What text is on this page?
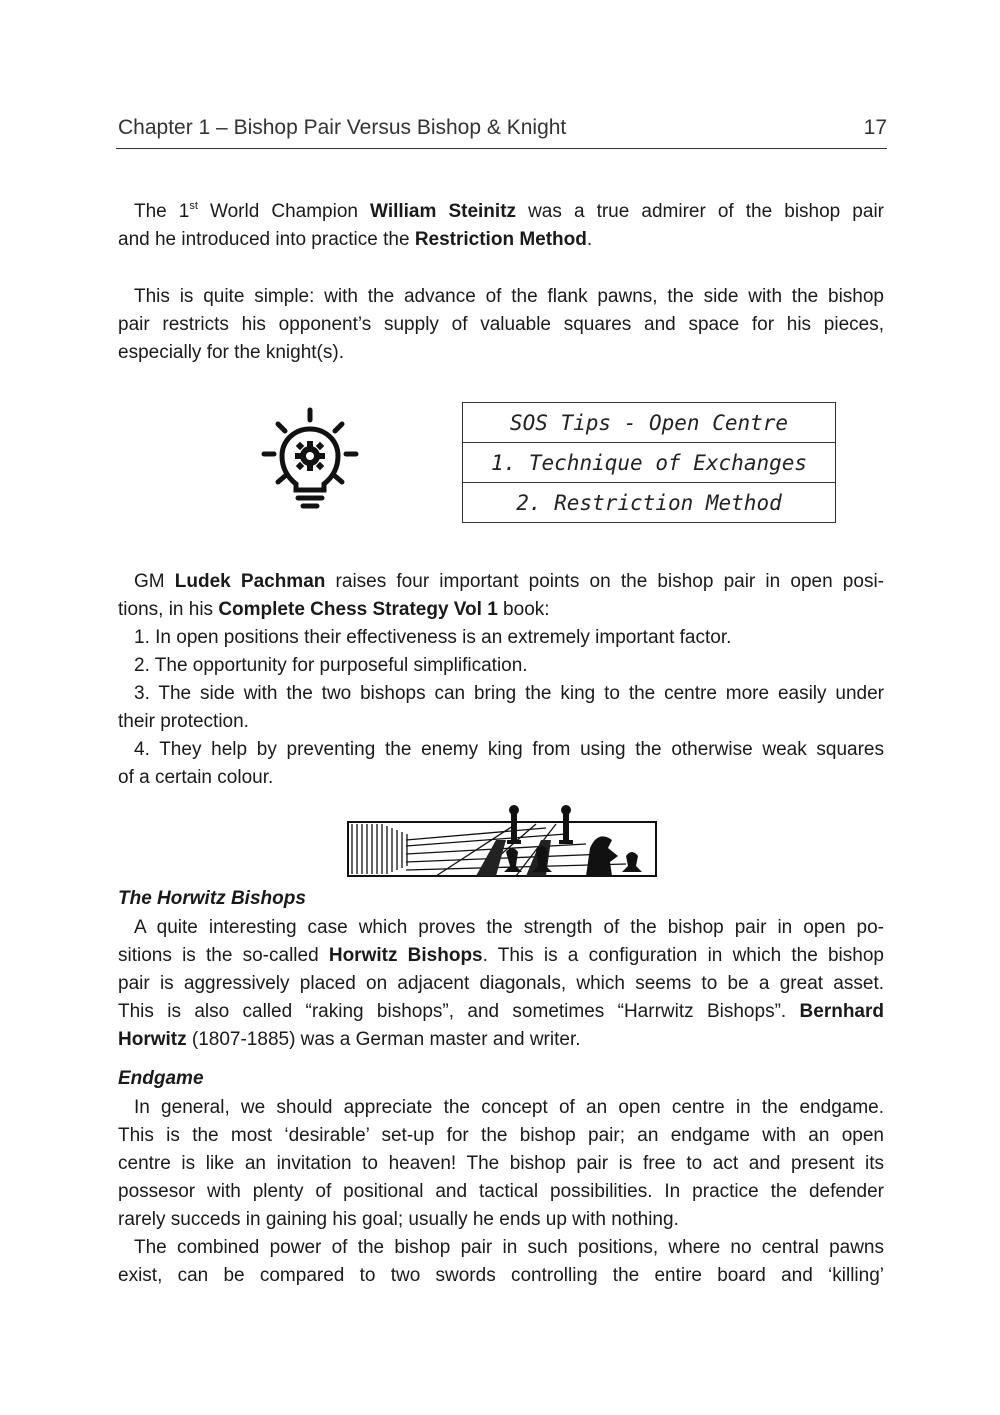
Chapter 1 – Bishop Pair Versus Bishop & Knight	17
The 1st World Champion William Steinitz was a true admirer of the bishop pair
and he introduced into practice the Restriction Method.
This is quite simple: with the advance of the flank pawns, the side with the bishop
pair restricts his opponent’s supply of valuable squares and space for his pieces,
especially for the knight(s).
SOS Tips - Open Centre
1. Technique of Exchanges
2. Restriction Method
GM Ludek Pachman raises four important points on the bishop pair in open posi-
tions, in his Complete Chess Strategy Vol 1 book:
1. In open positions their effectiveness is an extremely important factor.
2. The opportunity for purposeful simplification.
3. The side with the two bishops can bring the king to the centre more easily under
their protection.
4. They help by preventing the enemy king from using the otherwise weak squares
of a certain colour.
The Horwitz Bishops
A quite interesting case which proves the strength of the bishop pair in open po-
sitions is the so-called Horwitz Bishops. This is a configuration in which the bishop
pair is aggressively placed on adjacent diagonals, which seems to be a great asset.
This is also called “raking bishops”, and sometimes “Harrwitz Bishops”. Bernhard
Horwitz (1807-1885) was a German master and writer.
Endgame
In general, we should appreciate the concept of an open centre in the endgame.
This is the most ‘desirable’ set-up for the bishop pair; an endgame with an open
centre is like an invitation to heaven! The bishop pair is free to act and present its
possesor with plenty of positional and tactical possibilities. In practice the defender
rarely succeds in gaining his goal; usually he ends up with nothing.
The combined power of the bishop pair in such positions, where no central pawns
exist, can be compared to two swords controlling the entire board and ‘killing’
